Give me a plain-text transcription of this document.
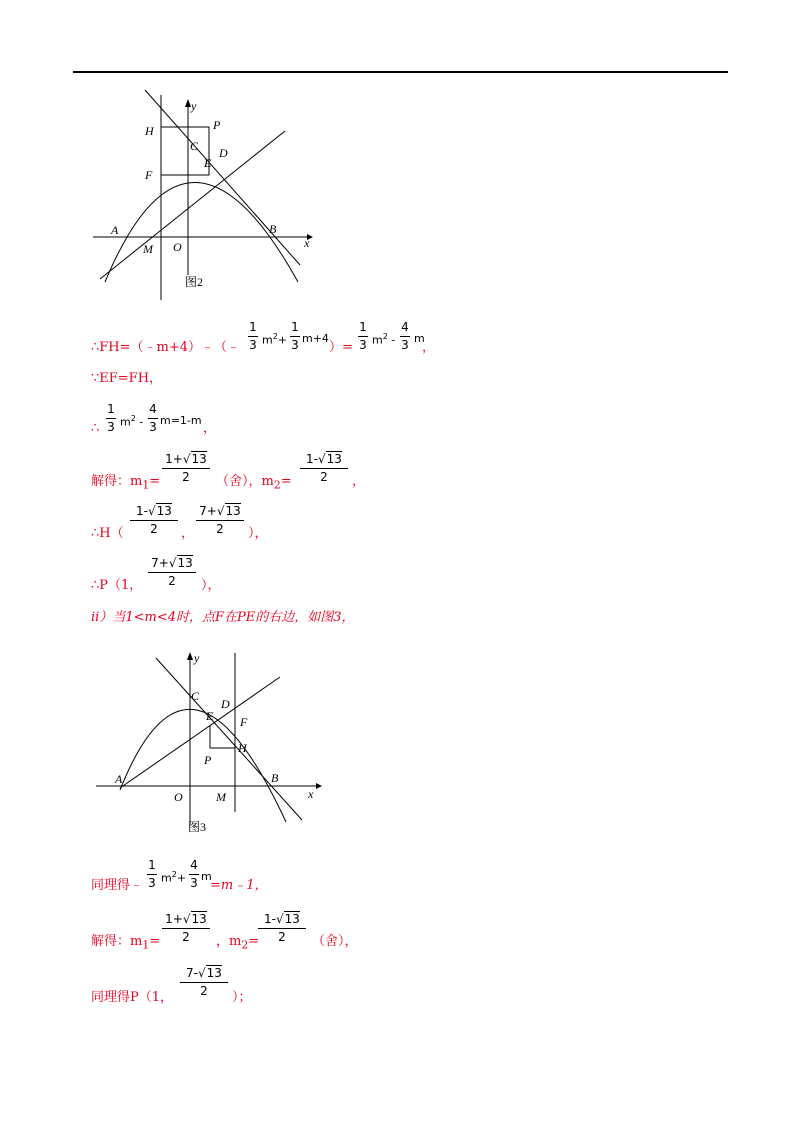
H	P
y
C D
F
E
A	B
M O	x
图2
∴FH=（﹣m+4）﹣（﹣
1
3 $m^2+$
1
3 m+4
）=
1
3 $m^2$ -
4
3 m
，
∵EF=FH，
∴
1
3 $m^2$ -
4
3 m=1-m
，
解得：$m_1=$
1+√13
2	（舍），$m_2=$
1-√13
2	，
∴H（
1-√13
2	，
7+√13
2	），
∴P（1，
7+√13
2	），
ii）当1<m<4时，点F在PE的右边，如图3，
y
C
D
E F
H
P
A	B
O	M	x
图3
同理得﹣
1
3 $m^2+$
4
3 m
=m﹣1，
解得：$m_1=$
1+√13
2	，$m_2=$
1-√13
2	（舍），
同理得P（1，
7-√13
2	）；
